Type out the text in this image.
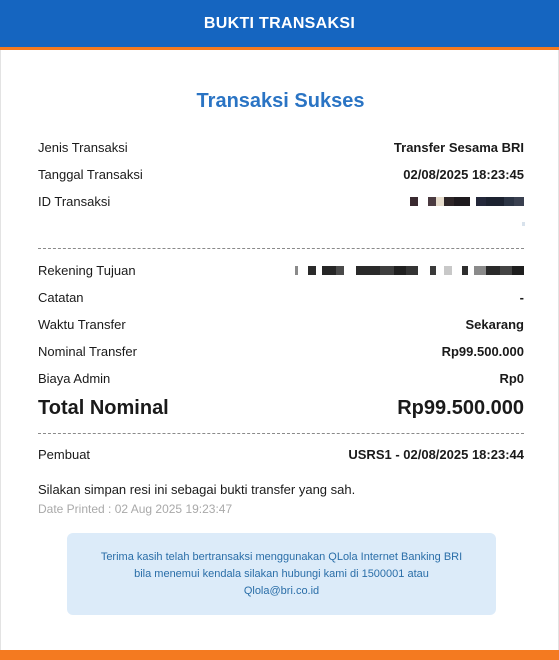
BUKTI TRANSAKSI
Transaksi Sukses
Jenis Transaksi	Transfer Sesama BRI
Tanggal Transaksi	02/08/2025 18:23:45
ID Transaksi
Rekening Tujuan
Catatan	-
Waktu Transfer	Sekarang
Nominal Transfer	Rp99.500.000
Biaya Admin	Rp0
Total Nominal	Rp99.500.000
Pembuat	USRS1 - 02/08/2025 18:23:44
Silakan simpan resi ini sebagai bukti transfer yang sah.
Date Printed : 02 Aug 2025 19:23:47
Terima kasih telah bertransaksi menggunakan QLola Internet Banking BRI
bila menemui kendala silakan hubungi kami di 1500001 atau
Qlola@bri.co.id
